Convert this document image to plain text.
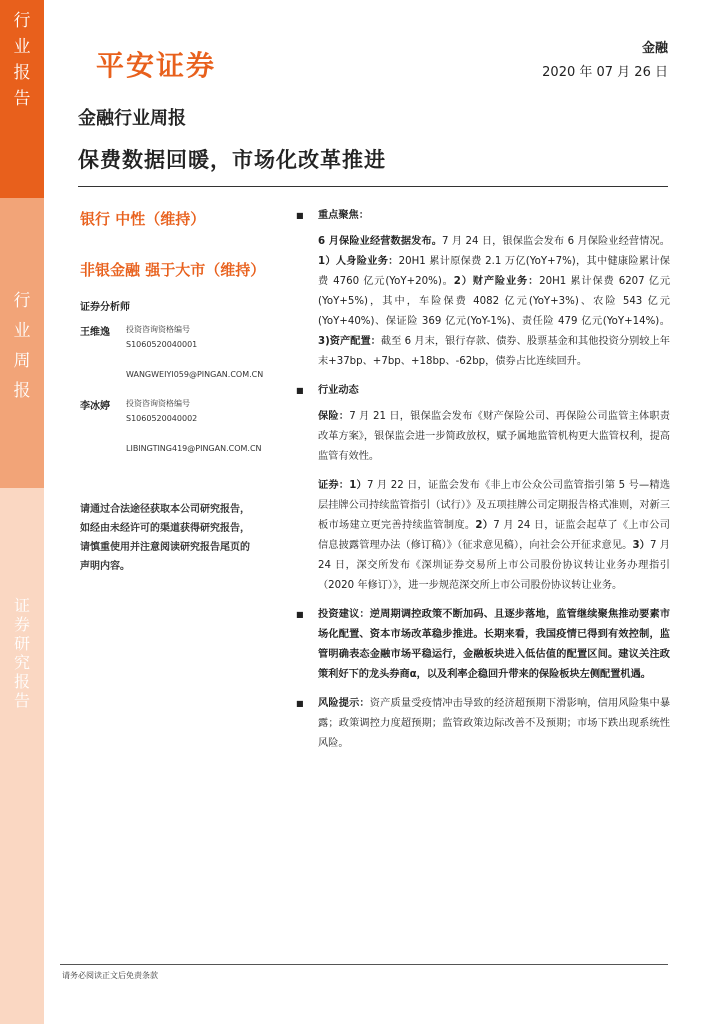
行业报告
行业周报
证券研究报告
平安证券
金融
2020 年 07 月 26 日
金融行业周报
保费数据回暖，市场化改革推进
银行 中性（维持）
非银金融 强于大市（维持）
证券分析师
王维逸 投资咨询资格编号
S1060520040001
WANGWEIYI059@PINGAN.COM.CN
李冰婷 投资咨询资格编号
S1060520040002
LIBINGTING419@PINGAN.COM.CN
请通过合法途径获取本公司研究报告，如经由未经许可的渠道获得研究报告，请慎重使用并注意阅读研究报告尾页的声明内容。
■ 重点聚焦：

6 月保险业经营数据发布。7 月 24 日，银保监会发布 6 月保险业经营情况。1）人身险业务：20H1 累计原保费 2.1 万亿(YoY+7%)，其中健康险累计保费 4760 亿元(YoY+20%)。2）财产险业务：20H1 累计保费 6207 亿元(YoY+5%)，其中，车险保费 4082 亿元(YoY+3%)、农险 543 亿元(YoY+40%)、保证险 369 亿元(YoY-1%)、责任险 479 亿元(YoY+14%)。3)资产配置：截至 6 月末，银行存款、债券、股票基金和其他投资分别较上年末+37bp、+7bp、+18bp、-62bp，债券占比连续回升。

■ 行业动态

保险：7 月 21 日，银保监会发布《财产保险公司、再保险公司监管主体职责改革方案》，银保监会进一步简政放权，赋予属地监管机构更大监管权利，提高监管有效性。

证券：1）7 月 22 日，证监会发布《非上市公众公司监管指引第 5 号—精选层挂牌公司持续监管指引（试行）》及五项挂牌公司定期报告格式准则，对新三板市场建立更完善持续监管制度。2）7 月 24 日，证监会起草了《上市公司信息披露管理办法（修订稿）》（征求意见稿），向社会公开征求意见。3）7 月 24 日，深交所发布《深圳证券交易所上市公司股份协议转让业务办理指引（2020 年修订）》，进一步规范深交所上市公司股份协议转让业务。

■ 投资建议：逆周期调控政策不断加码、且逐步落地，监管继续聚焦推动要素市场化配置、资本市场改革稳步推进。长期来看，我国疫情已得到有效控制，监管明确表态金融市场平稳运行，金融板块进入低估值的配置区间。建议关注政策利好下的龙头券商α，以及利率企稳回升带来的保险板块左侧配置机遇。

■ 风险提示：资产质量受疫情冲击导致的经济超预期下滑影响，信用风险集中暴露；政策调控力度超预期；监管政策边际改善不及预期；市场下跌出现系统性风险。

请务必阅读正文后免责条款
